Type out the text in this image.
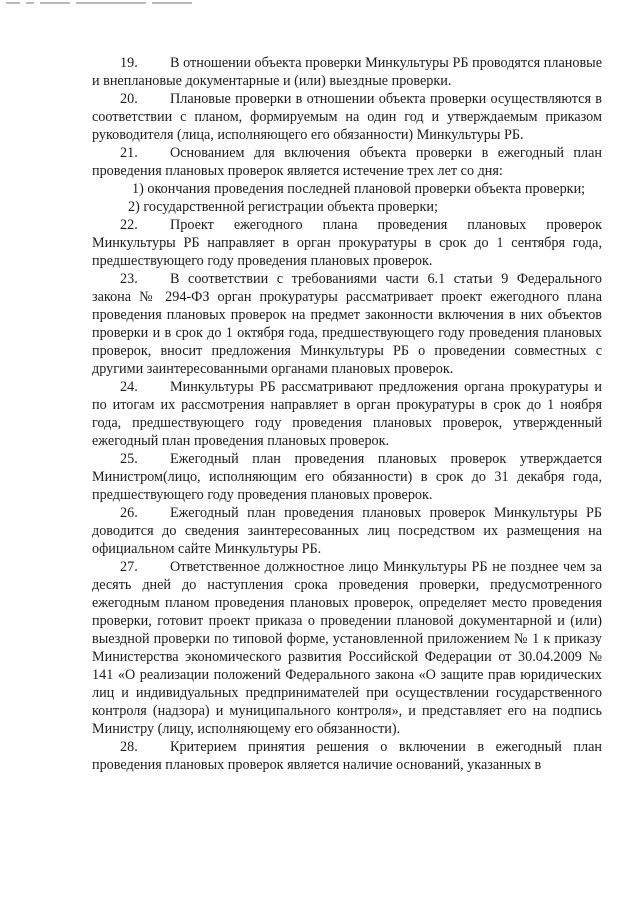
19. В отношении объекта проверки Минкультуры РБ проводятся плановые и внеплановые документарные и (или) выездные проверки.

20. Плановые проверки в отношении объекта проверки осуществляются в соответствии с планом, формируемым на один год и утверждаемым приказом руководителя (лица, исполняющего его обязанности) Минкультуры РБ.

21. Основанием для включения объекта проверки в ежегодный план проведения плановых проверок является истечение трех лет со дня:

1) окончания проведения последней плановой проверки объекта проверки;

2) государственной регистрации объекта проверки;

22. Проект ежегодного плана проведения плановых проверок Минкультуры РБ направляет в орган прокуратуры в срок до 1 сентября года, предшествующего году проведения плановых проверок.

23. В соответствии с требованиями части 6.1 статьи 9 Федерального закона № 294-ФЗ орган прокуратуры рассматривает проект ежегодного плана проведения плановых проверок на предмет законности включения в них объектов проверки и в срок до 1 октября года, предшествующего году проведения плановых проверок, вносит предложения Минкультуры РБ о проведении совместных с другими заинтересованными органами плановых проверок.

24. Минкультуры РБ рассматривают предложения органа прокуратуры и по итогам их рассмотрения направляет в орган прокуратуры в срок до 1 ноября года, предшествующего году проведения плановых проверок, утвержденный ежегодный план проведения плановых проверок.

25. Ежегодный план проведения плановых проверок утверждается Министром(лицо, исполняющим его обязанности) в срок до 31 декабря года, предшествующего году проведения плановых проверок.

26. Ежегодный план проведения плановых проверок Минкультуры РБ доводится до сведения заинтересованных лиц посредством их размещения на официальном сайте Минкультуры РБ.

27. Ответственное должностное лицо Минкультуры РБ не позднее чем за десять дней до наступления срока проведения проверки, предусмотренного ежегодным планом проведения плановых проверок, определяет место проведения проверки, готовит проект приказа о проведении плановой документарной и (или) выездной проверки по типовой форме, установленной приложением № 1 к приказу Министерства экономического развития Российской Федерации от 30.04.2009 № 141 «О реализации положений Федерального закона «О защите прав юридических лиц и индивидуальных предпринимателей при осуществлении государственного контроля (надзора) и муниципального контроля», и представляет его на подпись Министру (лицу, исполняющему его обязанности).

28. Критерием принятия решения о включении в ежегодный план проведения плановых проверок является наличие оснований, указанных в
